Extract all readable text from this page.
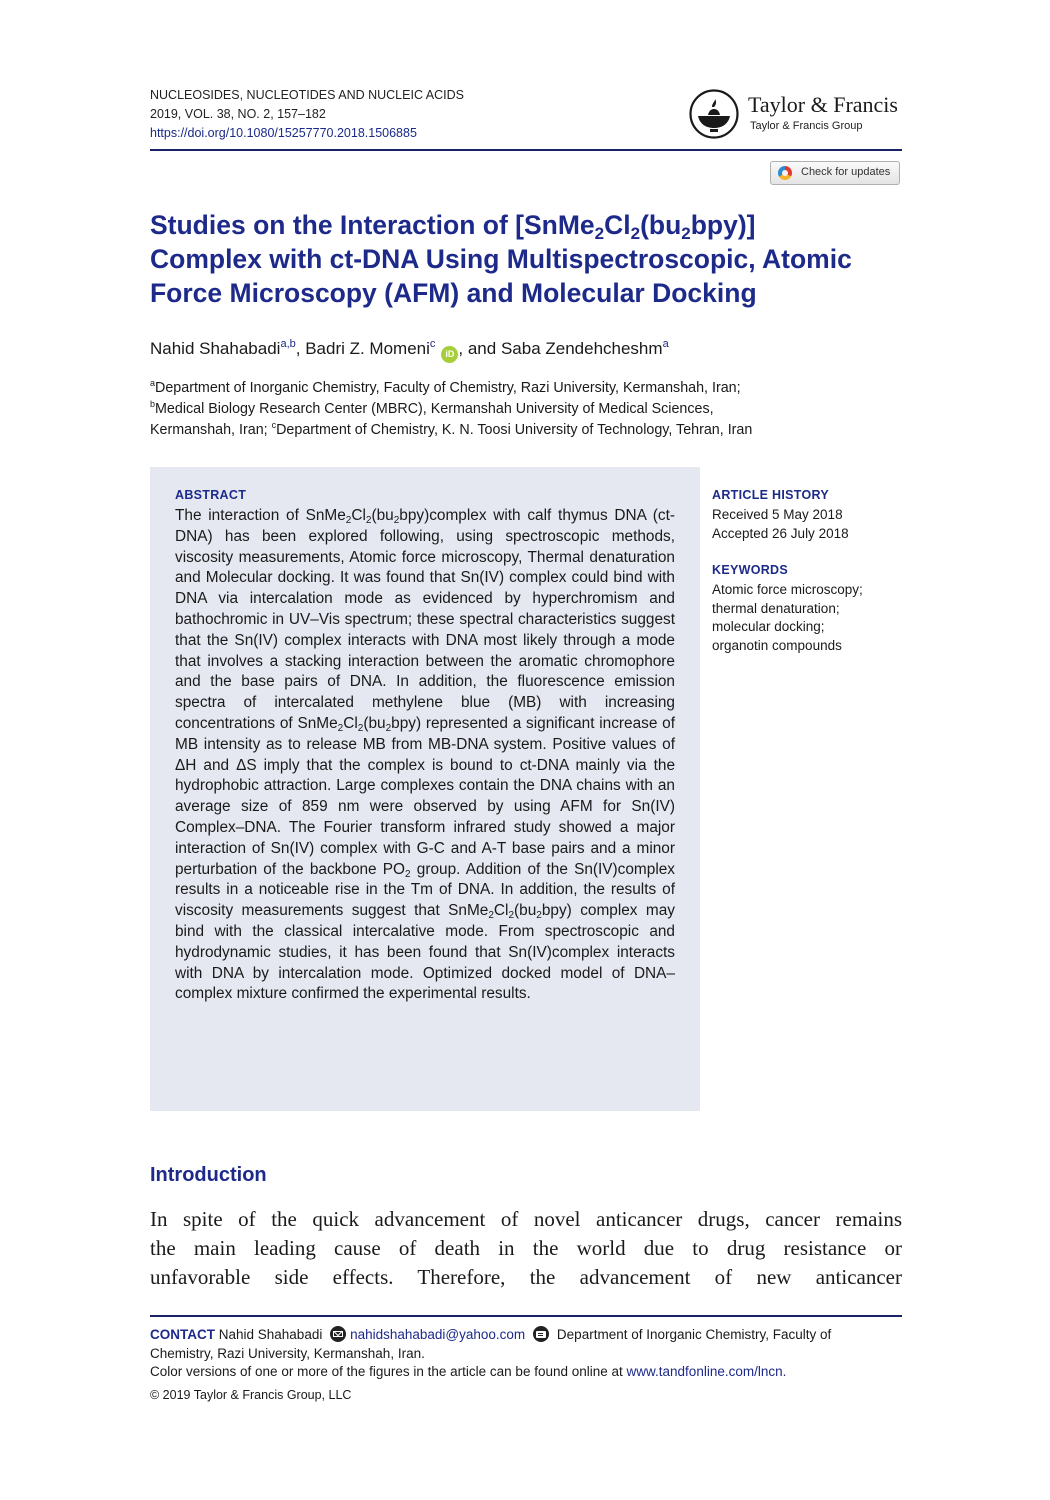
NUCLEOSIDES, NUCLEOTIDES AND NUCLEIC ACIDS
2019, VOL. 38, NO. 2, 157–182
https://doi.org/10.1080/15257770.2018.1506885
Taylor & Francis
Taylor & Francis Group
Check for updates
Studies on the Interaction of $[SnMe_2Cl_2(bu_2bpy)]$
Complex with ct-DNA Using Multispectroscopic, Atomic
Force Microscopy (AFM) and Molecular Docking
Nahid Shahabadi$^{a,b}$, Badri Z. Momeni$^c$iD , and Saba Zendehcheshm$^a$
$^a$Department of Inorganic Chemistry, Faculty of Chemistry, Razi University, Kermanshah, Iran;
$^b$Medical Biology Research Center (MBRC), Kermanshah University of Medical Sciences,
Kermanshah, Iran; $^c$Department of Chemistry, K. N. Toosi University of Technology, Tehran, Iran
ABSTRACT
The interaction of $SnMe_2Cl_2(bu_2bpy)complex$ with calf thymus DNA (ct-DNA) has been explored following, using spectroscopic methods, viscosity measurements, Atomic force microscopy, Thermal denaturation and Molecular docking. It was found that Sn(IV) complex could bind with DNA via intercalation mode as evidenced by hyperchromism and bathochromic in UV–Vis spectrum; these spectral characteristics suggest that the Sn(IV) complex interacts with DNA most likely through a mode that involves a stacking interaction between the aromatic chromophore and the base pairs of DNA. In addition, the fluorescence emission spectra of intercalated methylene blue (MB) with increasing concentrations of $SnMe_2Cl_2(bu_2bpy)$ represented a significant increase of MB intensity as to release MB from MB-DNA system. Positive values of ΔH and ΔS imply that the complex is bound to ct-DNA mainly via the hydrophobic attraction. Large complexes contain the DNA chains with an average size of 859 nm were observed by using AFM for Sn(IV) Complex–DNA. The Fourier transform infrared study showed a major interaction of Sn(IV) complex with G-C and A-T base pairs and a minor perturbation of the backbone $PO_2$ group. Addition of the Sn(IV)complex results in a noticeable rise in the Tm of DNA. In addition, the results of viscosity measurements suggest that $SnMe_2Cl_2(bu_2bpy)$ complex may bind with the classical intercalative mode. From spectroscopic and hydrodynamic studies, it has been found that Sn(IV)complex interacts with DNA by intercalation mode. Optimized docked model of DNA–complex mixture confirmed the experimental results.
ARTICLE HISTORY
Received 5 May 2018
Accepted 26 July 2018
KEYWORDS
Atomic force microscopy;
thermal denaturation;
molecular docking;
organotin compounds
Introduction
In spite of the quick advancement of novel anticancer drugs, cancer remains
the main leading cause of death in the world due to drug resistance or
unfavorable side effects. Therefore, the advancement of new anticancer
CONTACT Nahid Shahabadi nahidshahabadi@yahoo.com Department of Inorganic Chemistry, Faculty of
Chemistry, Razi University, Kermanshah, Iran.
Color versions of one or more of the figures in the article can be found online at www.tandfonline.com/lncn.
© 2019 Taylor & Francis Group, LLC
